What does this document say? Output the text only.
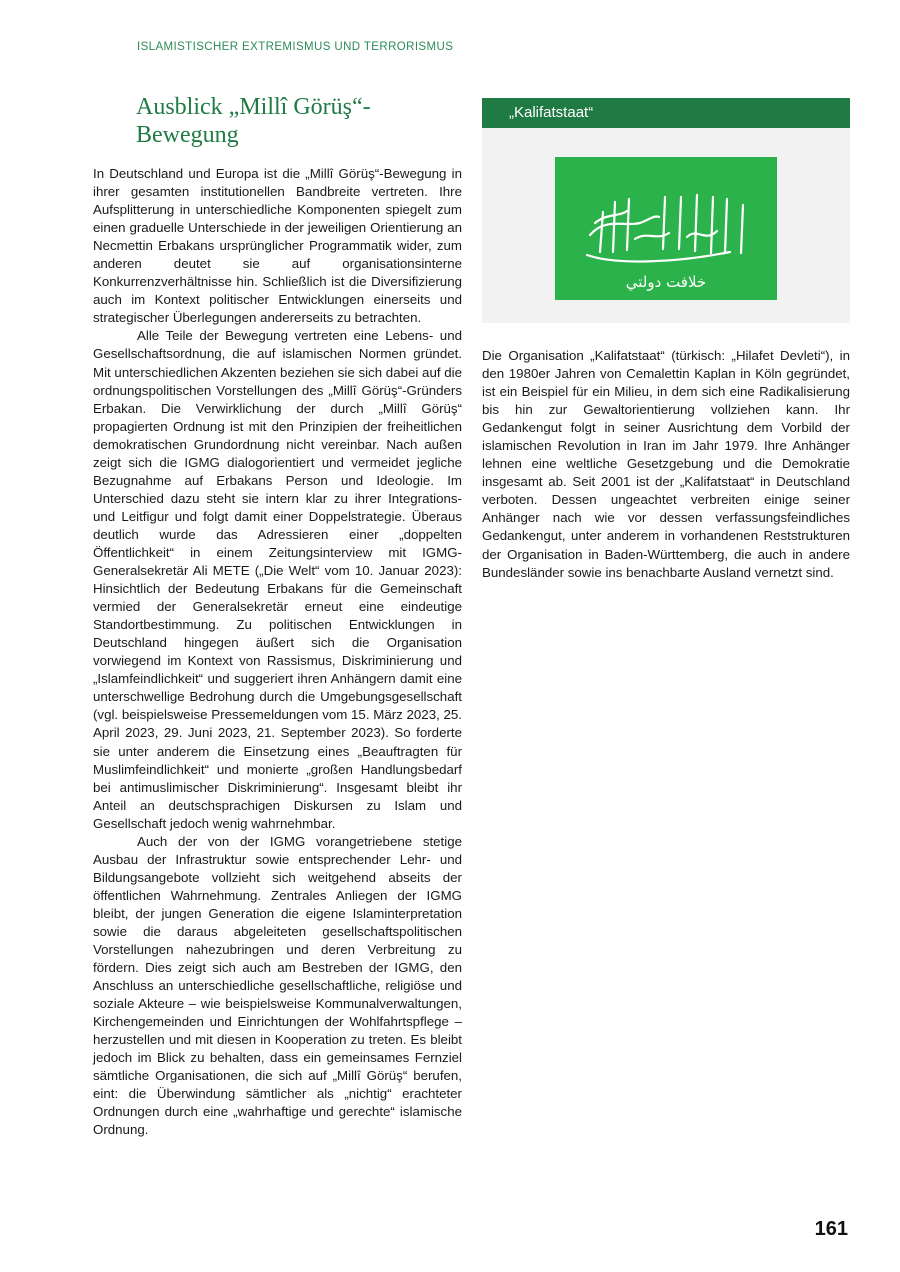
ISLAMISTISCHER EXTREMISMUS UND TERRORISMUS
Ausblick „Millî Görüş“-Bewegung

In Deutschland und Europa ist die „Millî Görüş“-Bewegung in ihrer gesamten institutionellen Bandbreite vertreten. Ihre Aufsplitterung in unterschiedliche Komponenten spiegelt zum einen graduelle Unterschiede in der jeweiligen Orientierung an Necmettin Erbakans ursprünglicher Programmatik wider, zum anderen deutet sie auf organisationsinterne Konkurrenzverhältnisse hin. Schließlich ist die Diversifizierung auch im Kontext politischer Entwicklungen einerseits und strategischer Überlegungen andererseits zu betrachten.

Alle Teile der Bewegung vertreten eine Lebens- und Gesellschaftsordnung, die auf islamischen Normen gründet. Mit unterschiedlichen Akzenten beziehen sie sich dabei auf die ordnungspolitischen Vorstellungen des „Millî Görüş“-Gründers Erbakan. Die Verwirklichung der durch „Millî Görüş“ propagierten Ordnung ist mit den Prinzipien der freiheitlichen demokratischen Grundordnung nicht vereinbar. Nach außen zeigt sich die IGMG dialogorientiert und vermeidet jegliche Bezugnahme auf Erbakans Person und Ideologie. Im Unterschied dazu steht sie intern klar zu ihrer Integrations- und Leitfigur und folgt damit einer Doppelstrategie. Überaus deutlich wurde das Adressieren einer „doppelten Öffentlichkeit“ in einem Zeitungsinterview mit IGMG-Generalsekretär Ali METE („Die Welt“ vom 10. Januar 2023): Hinsichtlich der Bedeutung Erbakans für die Gemeinschaft vermied der Generalsekretär erneut eine eindeutige Standortbestimmung. Zu politischen Entwicklungen in Deutschland hingegen äußert sich die Organisation vorwiegend im Kontext von Rassismus, Diskriminierung und „Islamfeindlichkeit“ und suggeriert ihren Anhängern damit eine unterschwellige Bedrohung durch die Umgebungsgesellschaft (vgl. beispielsweise Pressemeldungen vom 15. März 2023, 25. April 2023, 29. Juni 2023, 21. September 2023). So forderte sie unter anderem die Einsetzung eines „Beauftragten für Muslimfeindlichkeit“ und monierte „großen Handlungsbedarf bei antimuslimischer Diskriminierung“. Insgesamt bleibt ihr Anteil an deutschsprachigen Diskursen zu Islam und Gesellschaft jedoch wenig wahrnehmbar.

Auch der von der IGMG vorangetriebene stetige Ausbau der Infrastruktur sowie entsprechender Lehr- und Bildungsangebote vollzieht sich weitgehend abseits der öffentlichen Wahrnehmung. Zentrales Anliegen der IGMG bleibt, der jungen Generation die eigene Islaminterpretation sowie die daraus abgeleiteten gesellschaftspolitischen Vorstellungen nahezubringen und deren Verbreitung zu fördern. Dies zeigt sich auch am Bestreben der IGMG, den Anschluss an unterschiedliche gesellschaftliche, religiöse und soziale Akteure – wie beispielsweise Kommunalverwaltungen, Kirchengemeinden und Einrichtungen der Wohlfahrtspflege – herzustellen und mit diesen in Kooperation zu treten. Es bleibt jedoch im Blick zu behalten, dass ein gemeinsames Fernziel sämtliche Organisationen, die sich auf „Millî Görüş“ berufen, eint: die Überwindung sämtlicher als „nichtig“ erachteter Ordnungen durch eine „wahrhaftige und gerechte“ islamische Ordnung.

„Kalifatstaat“
خلافت دولتي

Die Organisation „Kalifatstaat“ (türkisch: „Hilafet Devleti“), in den 1980er Jahren von Cemalettin Kaplan in Köln gegründet, ist ein Beispiel für ein Milieu, in dem sich eine Radikalisierung bis hin zur Gewaltorientierung vollziehen kann. Ihr Gedankengut folgt in seiner Ausrichtung dem Vorbild der islamischen Revolution in Iran im Jahr 1979. Ihre Anhänger lehnen eine weltliche Gesetzgebung und die Demokratie insgesamt ab. Seit 2001 ist der „Kalifatstaat“ in Deutschland verboten. Dessen ungeachtet verbreiten einige seiner Anhänger nach wie vor dessen verfassungsfeindliches Gedankengut, unter anderem in vorhandenen Reststrukturen der Organisation in Baden-Württemberg, die auch in andere Bundesländer sowie ins benachbarte Ausland vernetzt sind.

161
